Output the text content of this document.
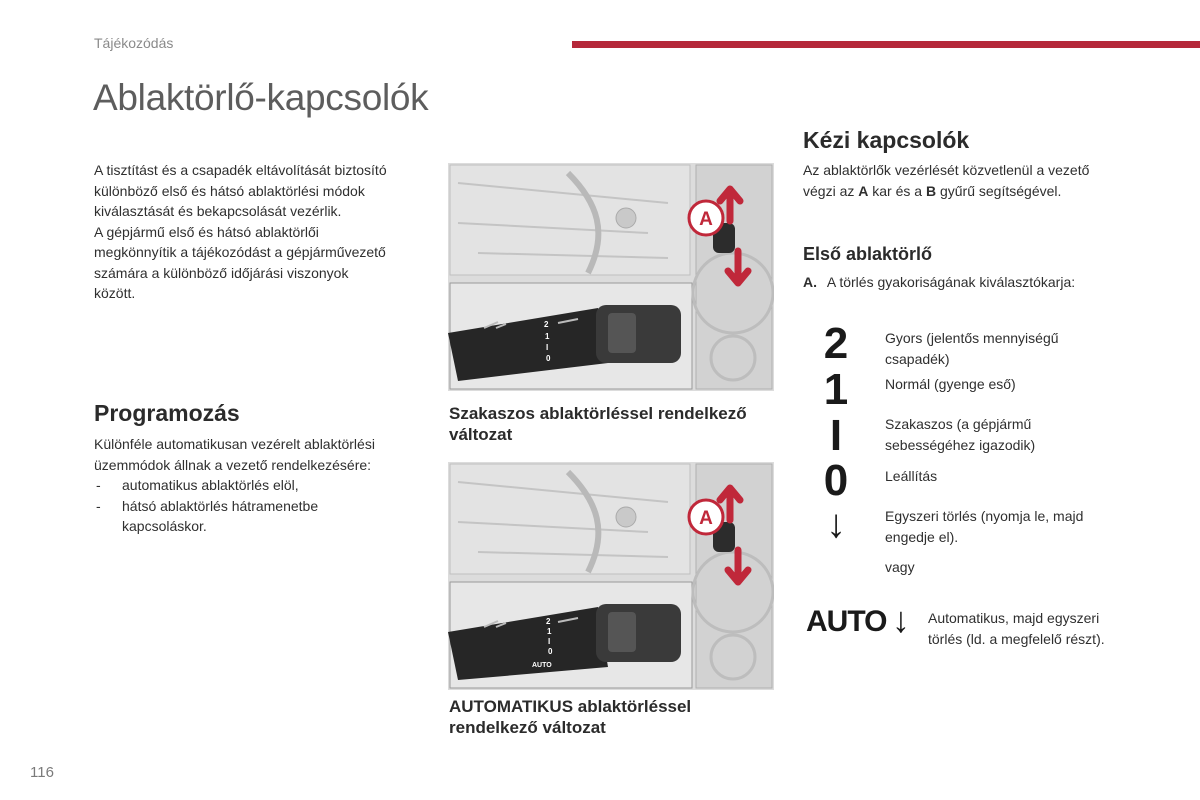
Tájékozódás
Ablaktörlő-kapcsolók
A tisztítást és a csapadék eltávolítását biztosító
különböző első és hátsó ablaktörlési módok
kiválasztását és bekapcsolását vezérlik.
A gépjármű első és hátsó ablaktörlői
megkönnyítik a tájékozódást a gépjárművezető
számára a különböző időjárási viszonyok
között.
Programozás
Különféle automatikusan vezérelt ablaktörlési
üzemmódok állnak a vezető rendelkezésére:
- automatikus ablaktörlés elöl,
- hátsó ablaktörlés hátramenetbe kapcsoláskor.
2
1
I
0
A
Szakaszos ablaktörléssel rendelkező változat
2
1
I
0
AUTO
A
AUTOMATIKUS ablaktörléssel rendelkező változat
Kézi kapcsolók
Az ablaktörlők vezérlését közvetlenül a vezető
végzi az A kar és a B gyűrű segítségével.
Első ablaktörlő
A. A törlés gyakoriságának kiválasztókarja:
2
1
I
0
↓
Gyors (jelentős mennyiségű
csapadék)
Normál (gyenge eső)
Szakaszos (a gépjármű
sebességéhez igazodik)
Leállítás
Egyszeri törlés (nyomja le, majd
engedje el).
vagy
AUTO ↓ Automatikus, majd egyszeri
törlés (ld. a megfelelő részt).
116
